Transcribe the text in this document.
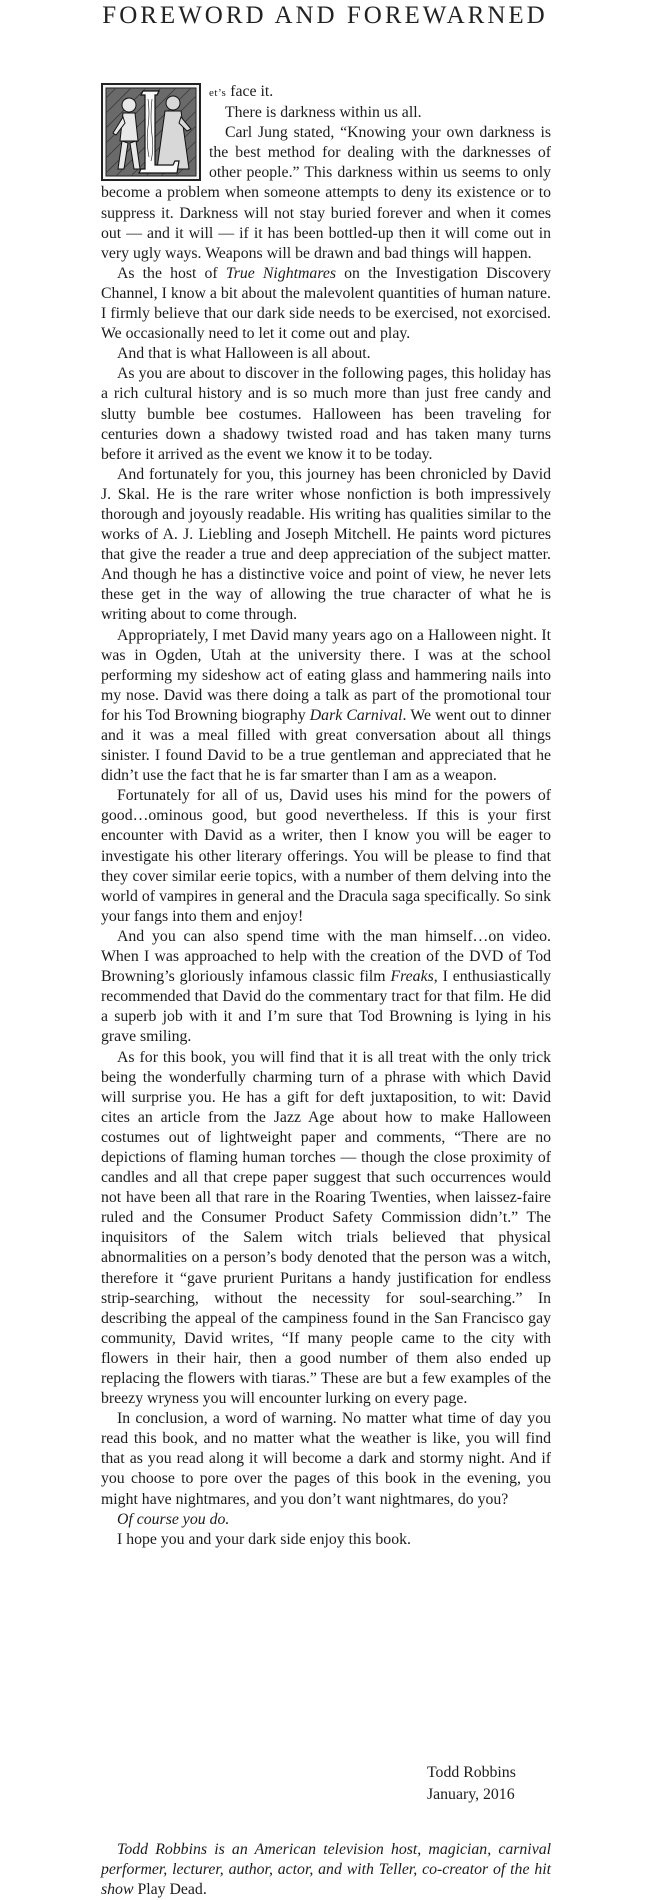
FOREWORD AND FOREWARNED

et’s face it.

There is darkness within us all.

Carl Jung stated, “Knowing your own darkness is the best method for dealing with the darknesses of other people.” This darkness within us seems to only become a problem when someone attempts to deny its existence or to suppress it. Darkness will not stay buried forever and when it comes out — and it will — if it has been bottled-up then it will come out in very ugly ways. Weapons will be drawn and bad things will happen.

As the host of True Nightmares on the Investigation Discovery Channel, I know a bit about the malevolent quantities of human nature. I firmly believe that our dark side needs to be exercised, not exorcised. We occasionally need to let it come out and play.

And that is what Halloween is all about.

As you are about to discover in the following pages, this holiday has a rich cultural history and is so much more than just free candy and slutty bumble bee costumes. Halloween has been traveling for centuries down a shadowy twisted road and has taken many turns before it arrived as the event we know it to be today.

And fortunately for you, this journey has been chronicled by David J. Skal. He is the rare writer whose nonfiction is both impressively thorough and joyously readable. His writing has qualities similar to the works of A. J. Liebling and Joseph Mitchell. He paints word pictures that give the reader a true and deep appreciation of the subject matter. And though he has a distinctive voice and point of view, he never lets these get in the way of allowing the true character of what he is writing about to come through.

Appropriately, I met David many years ago on a Halloween night. It was in Ogden, Utah at the university there. I was at the school performing my sideshow act of eating glass and hammering nails into my nose. David was there doing a talk as part of the promotional tour for his Tod Browning biography Dark Carnival. We went out to dinner and it was a meal filled with great conversation about all things sinister. I found David to be a true gentleman and appreciated that he didn’t use the fact that he is far smarter than I am as a weapon.

Fortunately for all of us, David uses his mind for the powers of good…ominous good, but good nevertheless. If this is your first encounter with David as a writer, then I know you will be eager to investigate his other literary offerings. You will be please to find that they cover similar eerie topics, with a number of them delving into the world of vampires in general and the Dracula saga specifically. So sink your fangs into them and enjoy!

And you can also spend time with the man himself…on video. When I was approached to help with the creation of the DVD of Tod Browning’s gloriously infamous classic film Freaks, I enthusiastically recommended that David do the commentary tract for that film. He did a superb job with it and I’m sure that Tod Browning is lying in his grave smiling.

As for this book, you will find that it is all treat with the only trick being the wonderfully charming turn of a phrase with which David will surprise you. He has a gift for deft juxtaposition, to wit: David cites an article from the Jazz Age about how to make Halloween costumes out of lightweight paper and comments, “There are no depictions of flaming human torches — though the close proximity of candles and all that crepe paper suggest that such occurrences would not have been all that rare in the Roaring Twenties, when laissez-faire ruled and the Consumer Product Safety Commission didn’t.” The inquisitors of the Salem witch trials believed that physical abnormalities on a person’s body denoted that the person was a witch, therefore it “gave prurient Puritans a handy justification for endless strip-searching, without the necessity for soul-searching.” In describing the appeal of the campiness found in the San Francisco gay community, David writes, “If many people came to the city with flowers in their hair, then a good number of them also ended up replacing the flowers with tiaras.” These are but a few examples of the breezy wryness you will encounter lurking on every page.

In conclusion, a word of warning. No matter what time of day you read this book, and no matter what the weather is like, you will find that as you read along it will become a dark and stormy night. And if you choose to pore over the pages of this book in the evening, you might have nightmares, and you don’t want nightmares, do you?

Of course you do.

I hope you and your dark side enjoy this book.

Todd Robbins
January, 2016
Todd Robbins is an American television host, magician, carnival performer, lecturer, author, actor, and with Teller, co-creator of the hit show Play Dead.
